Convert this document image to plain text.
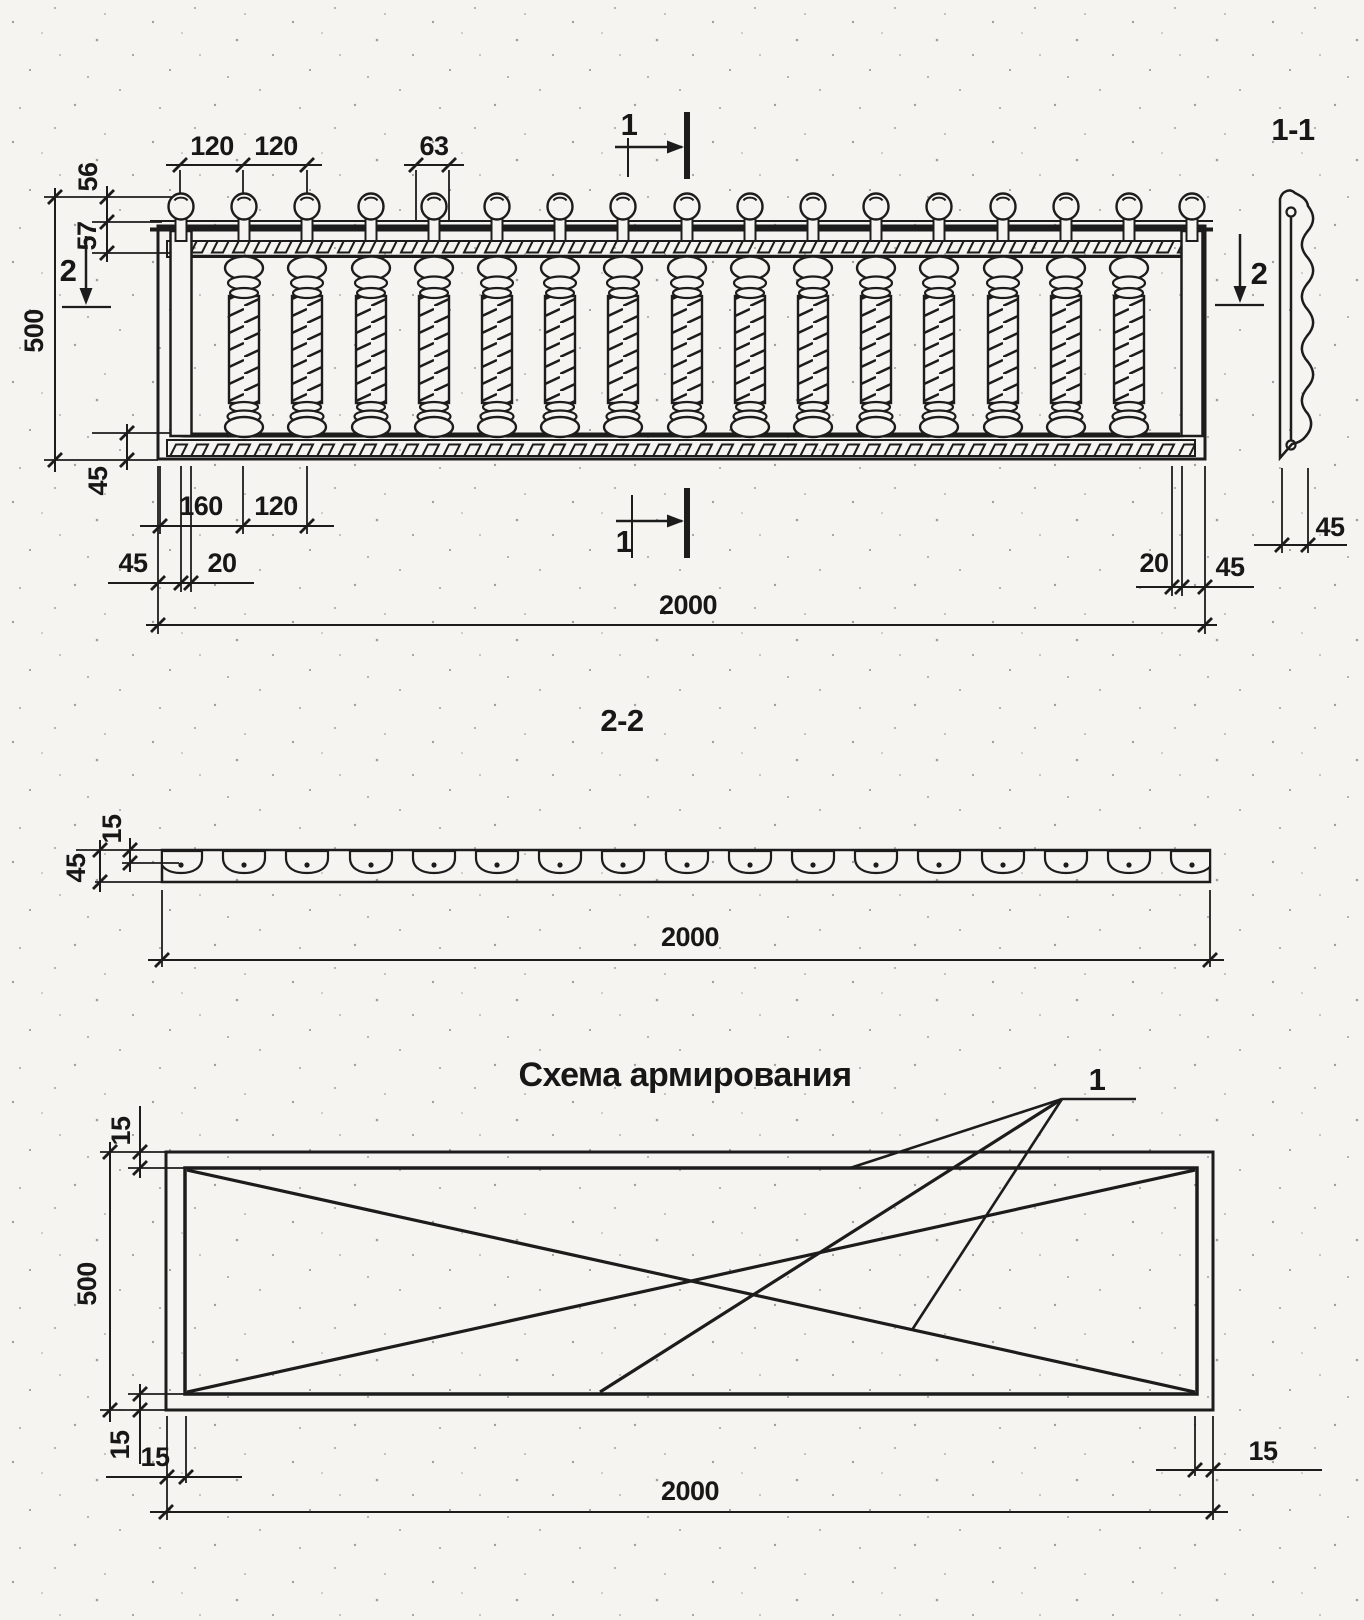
1
1
2	2
120 120	63
56
57
500
45
160 120
45 20	20 45
2000
1-1
45
2-2
45
15
2000
Схема армирования	1
15
500
15 15	15
2000
